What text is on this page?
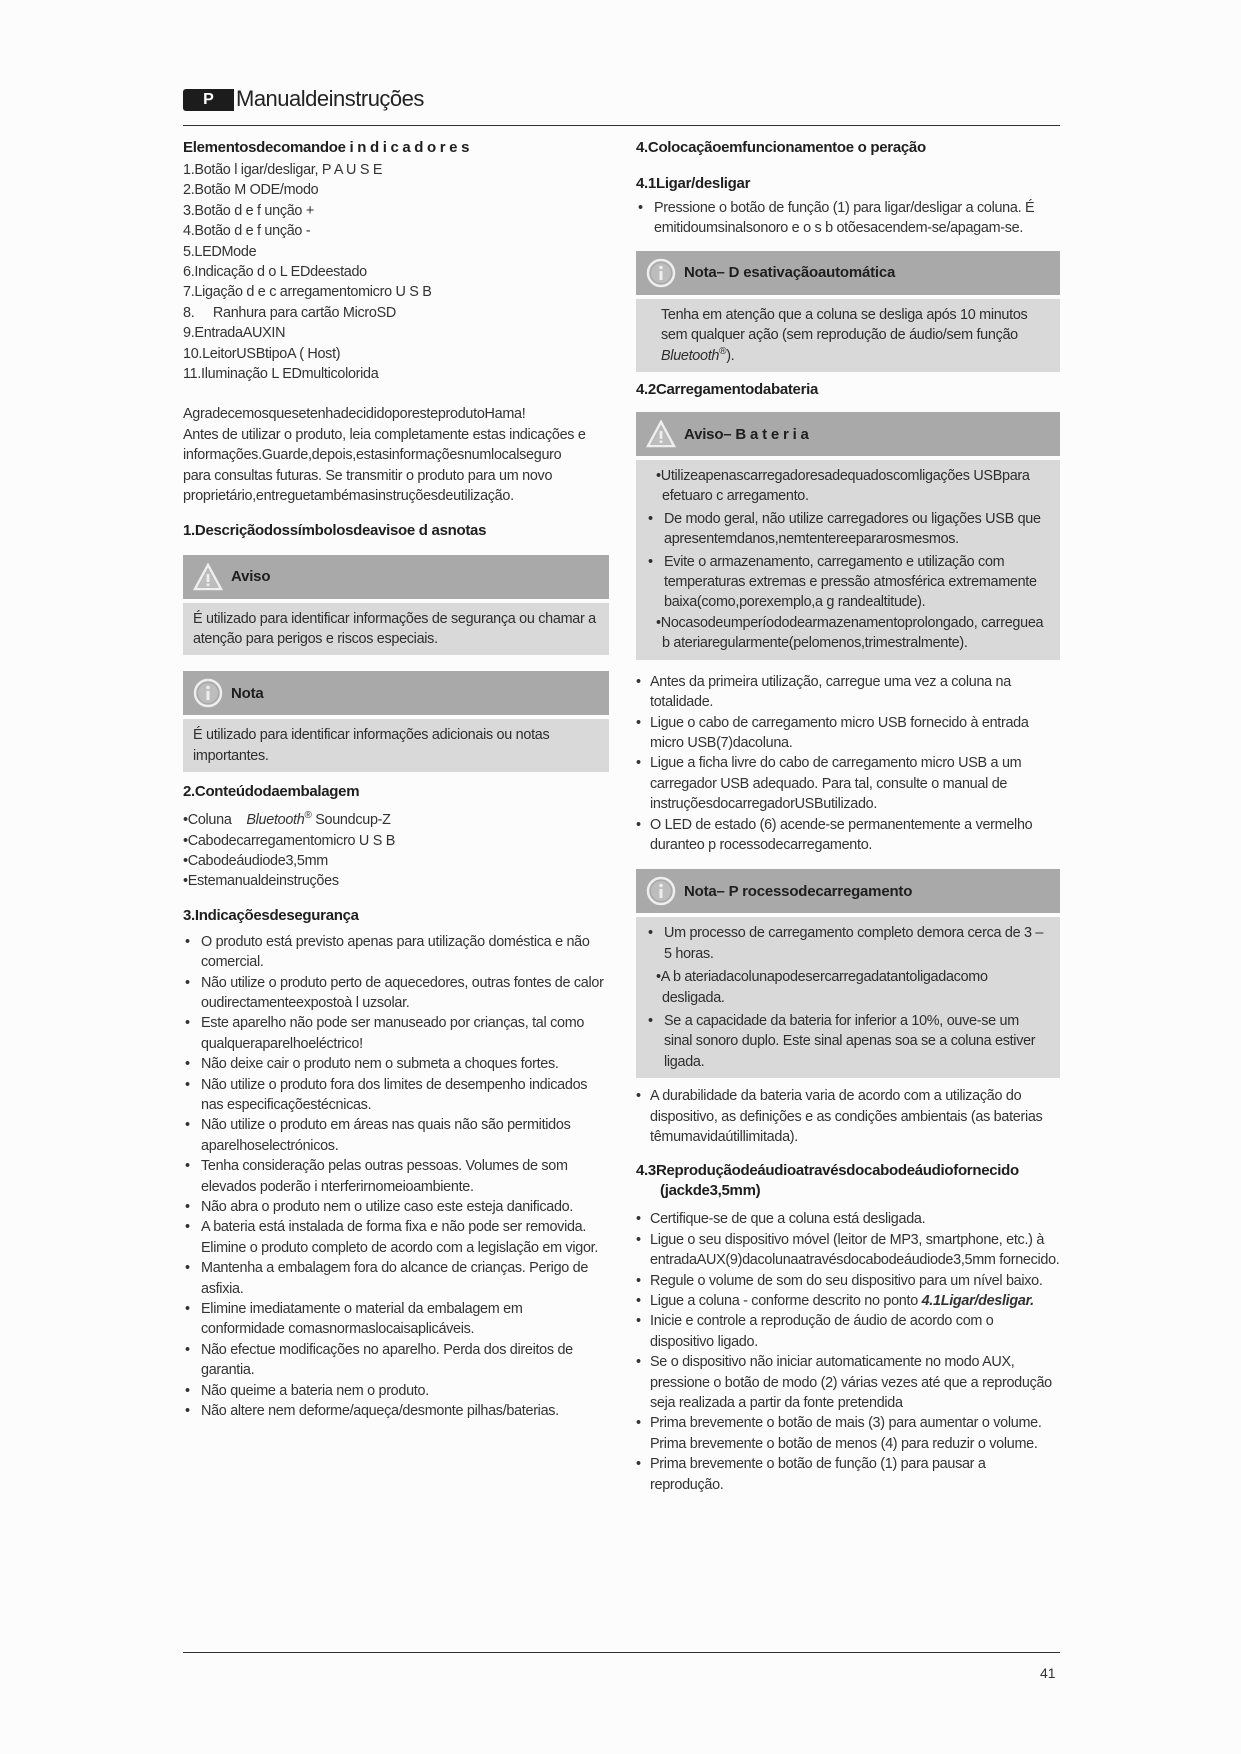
P	Manualdeinstruções
Elementosdecomandoe i n d i c a d o r e s
1.Botão l igar/desligar, P A U S E
2.Botão M ODE/modo
3.Botão d e f unção +
4.Botão d e f unção -
5.LEDMode
6.Indicação d o L EDdeestado
7.Ligação d e c arregamentomicro U S B
8.     Ranhura para cartão MicroSD
9.EntradaAUXIN
10.LeitorUSBtipoA ( Host)
11.Iluminação L EDmulticolorida

AgradecemosquesetenhadecididoporesteprodutoHama!

Antes de utilizar o produto, leia completamente estas indicações e

informações.Guarde,depois,estasinformaçõesnumlocalseguro

para consultas futuras. Se transmitir o produto para um novo

proprietário,entreguetambémasinstruçõesdeutilização.

1.Descriçãodossímbolosdeavisoe d asnotas
Aviso

É utilizado para identificar informações de segurança ou chamar a atenção para perigos e riscos especiais.

Nota

É utilizado para identificar informações adicionais ou notas importantes.

2.Conteúdodaembalagem

•Coluna Bluetooth® Soundcup-Z

•Cabodecarregamentomicro U S B

•Cabodeáudiode3,5mm

•Estemanualdeinstruções

3.Indicaçõesdesegurança
• O produto está previsto apenas para utilização doméstica e não comercial.
• Não utilize o produto perto de aquecedores, outras fontes de calor oudirectamenteexpostoà l uzsolar.
• Este aparelho não pode ser manuseado por crianças, tal como qualqueraparelhoeléctrico!
• Não deixe cair o produto nem o submeta a choques fortes.
• Não utilize o produto fora dos limites de desempenho indicados nas especificaçõestécnicas.
• Não utilize o produto em áreas nas quais não são permitidos aparelhoselectrónicos.
• Tenha consideração pelas outras pessoas. Volumes de som elevados poderão i nterferirnomeioambiente.
• Não abra o produto nem o utilize caso este esteja danificado.
• A bateria está instalada de forma fixa e não pode ser removida. Elimine o produto completo de acordo com a legislação em vigor.
• Mantenha a embalagem fora do alcance de crianças. Perigo de asfixia.
• Elimine imediatamente o material da embalagem em conformidade comasnormaslocaisaplicáveis.
• Não efectue modificações no aparelho. Perda dos direitos de garantia.
• Não queime a bateria nem o produto.
• Não altere nem deforme/aqueça/desmonte pilhas/baterias.
4.Colocaçãoemfuncionamentoe o peração
4.1Ligar/desligar
• Pressione o botão de função (1) para ligar/desligar a coluna. É emitidoumsinalsonoro e o s b otõesacendem-se/apagam-se.
Nota– D esativaçãoautomática

Tenha em atenção que a coluna se desliga após 10 minutos sem qualquer ação (sem reprodução de áudio/sem função Bluetooth®).

4.2Carregamentodabateria
Aviso– B a t e r i a

•Utilizeapenascarregadoresadequadoscomligações USBpara efetuaro c arregamento.

• De modo geral, não utilize carregadores ou ligações USB que apresentemdanos,nemtentereepararosmesmos.
• Evite o armazenamento, carregamento e utilização com temperaturas extremas e pressão atmosférica extremamente baixa(como,porexemplo,a g randealtitude).

•Nocasodeumperíododearmazenamentoprolongado, carreguea b ateriaregularmente(pelomenos,trimestralmente).

• Antes da primeira utilização, carregue uma vez a coluna na totalidade.
• Ligue o cabo de carregamento micro USB fornecido à entrada micro USB(7)dacoluna.
• Ligue a ficha livre do cabo de carregamento micro USB a um carregador USB adequado. Para tal, consulte o manual de instruçõesdocarregadorUSButilizado.
• O LED de estado (6) acende-se permanentemente a vermelho duranteo p rocessodecarregamento.
Nota– P rocessodecarregamento
• Um processo de carregamento completo demora cerca de 3 – 5 horas.

•A b ateriadacolunapodesercarregadatantoligadacomo desligada.

• Se a capacidade da bateria for inferior a 10%, ouve-se um sinal sonoro duplo. Este sinal apenas soa se a coluna estiver ligada.
• A durabilidade da bateria varia de acordo com a utilização do dispositivo, as definições e as condições ambientais (as baterias têmumavidaútillimitada).
4.3Reproduçãodeáudioatravésdocabodeáudiofornecido
(jackde3,5mm)
• Certifique-se de que a coluna está desligada.
• Ligue o seu dispositivo móvel (leitor de MP3, smartphone, etc.) à entradaAUX(9)dacolunaatravésdocabodeáudiode3,5mm fornecido.
• Regule o volume de som do seu dispositivo para um nível baixo.
• Ligue a coluna - conforme descrito no ponto 4.1Ligar/desligar.
• Inicie e controle a reprodução de áudio de acordo com o dispositivo ligado.
• Se o dispositivo não iniciar automaticamente no modo AUX, pressione o botão de modo (2) várias vezes até que a reprodução seja realizada a partir da fonte pretendida
• Prima brevemente o botão de mais (3) para aumentar o volume. Prima brevemente o botão de menos (4) para reduzir o volume.
• Prima brevemente o botão de função (1) para pausar a reprodução.
41
